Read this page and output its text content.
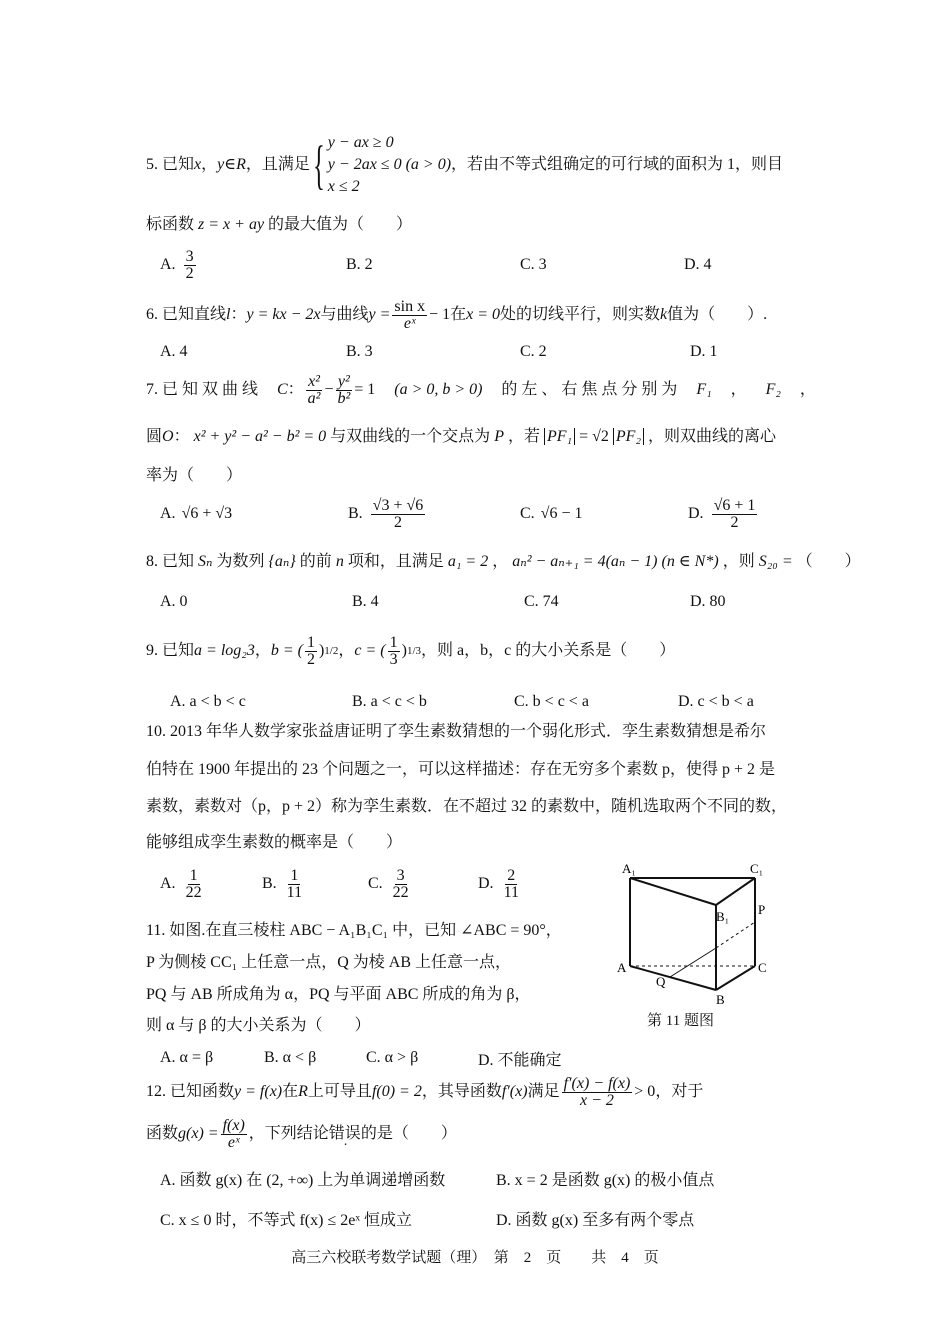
5. 已知 x ， y∈R ，且满足 { y − ax ≥ 0
y − 2ax ≤ 0 (a > 0)
x ≤ 2
，若由不等式组确定的可行域的面积为 1，则目
标函数 z = x + ay 的最大值为（　　）
A. $\frac{3}{2}$	B. 2	C. 3	D. 4
6. 已知直线 l ： y = kx − 2x 与曲线 $y = \frac{\text{sin x}}{\text{eˣ}} - 1$ 在 x = 0 处的切线平行，则实数 k 值为（　　）.
A. 4	B. 3	C. 2	D. 1
7. 已 知 双 曲 线 C ： $\frac{\text{x²}}{\text{a²}} - \frac{\text{y²}}{\text{b²}} = 1$ (a > 0, b > 0) 的 左 、 右 焦 点 分 别 为 F₁ ， F₂ ，
圆O： x² + y² − a² − b² = 0 与双曲线的一个交点为 P ，若 PF₁ = √2 PF₂ ，则双曲线的离心
率为（　　）
A. √6 + √3	B. $\frac{√3 + √6}{2}$	C. √6 − 1	D. $\frac{√6 + 1}{2}$
8. 已知 Sₙ 为数列 {aₙ} 的前 n 项和，且满足 a₁ = 2 ， aₙ² − aₙ₊₁ = 4(aₙ − 1) (n ∈ N*) ，则 S₂₀ = （　　）
A. 0	B. 4	C. 74	D. 80
9. 已知 a = log₂3 ， b = ( $\frac{1}{2}$ ) 1/2 ， c = ( $\frac{1}{3}$ ) 1/3 ，则 a，b，c 的大小关系是（　　）
A. a < b < c	B. a < c < b	C. b < c < a	D. c < b < a
10. 2013 年华人数学家张益唐证明了孪生素数猜想的一个弱化形式．孪生素数猜想是希尔
伯特在 1900 年提出的 23 个问题之一，可以这样描述：存在无穷多个素数 p，使得 p + 2 是
素数，素数对（p，p + 2）称为孪生素数．在不超过 32 的素数中，随机选取两个不同的数，
能够组成孪生素数的概率是（　　）
A. $\frac{1}{22}$	B. $\frac{1}{11}$	C. $\frac{3}{22}$	D. $\frac{2}{11}$
11. 如图.在直三棱柱 ABC − A₁B₁C₁ 中，已知 ∠ABC = 90°，
P 为侧棱 CC₁ 上任意一点，Q 为棱 AB 上任意一点，
PQ 与 AB 所成角为 α，PQ 与平面 ABC 所成的角为 β，
则 α 与 β 的大小关系为（　　）
A. α = β	B. α < β	C. α > β	D. 不能确定
A₁	C₁
B₁ P
A	C
Q
B
第 11 题图
12. 已知函数 y = f(x) 在 R 上可导且 f(0) = 2 ，其导函数 f′(x) 满足 $\frac{f'(x) - f(x)}{x - 2} > 0$ ，对于
函数 $g(x) = \frac{f(x)}{\text{eˣ}}$ ，下列结论 错误 · 的是（　　）
A. 函数 g(x) 在 (2, +∞) 上为单调递增函数	B. x = 2 是函数 g(x) 的极小值点
C. x ≤ 0 时，不等式 f(x) ≤ 2eˣ 恒成立	D. 函数 g(x) 至多有两个零点
高三六校联考数学试题（理）　第　2　页　　共　4　页
